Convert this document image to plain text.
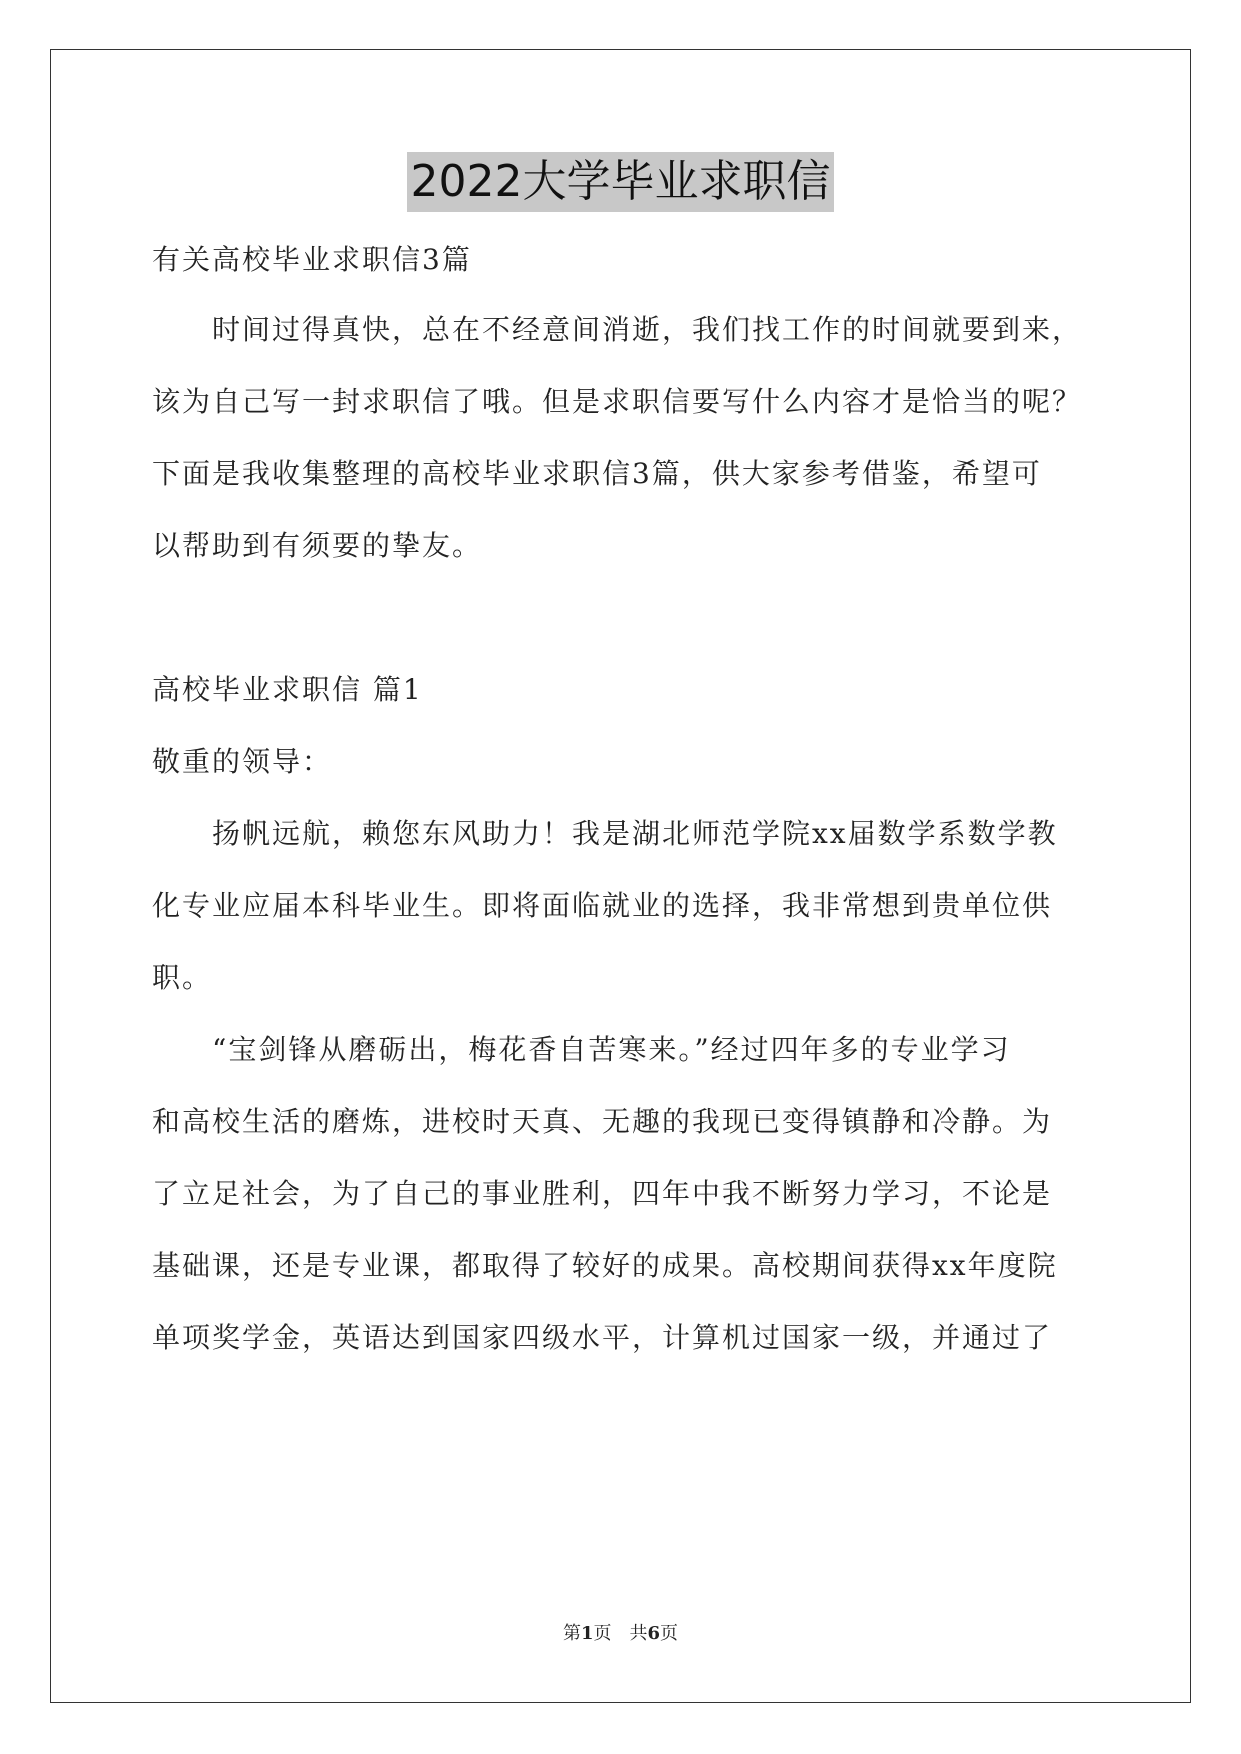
2022大学毕业求职信
有关高校毕业求职信3篇
　　时间过得真快，总在不经意间消逝，我们找工作的时间就要到来，
该为自己写一封求职信了哦。但是求职信要写什么内容才是恰当的呢？
下面是我收集整理的高校毕业求职信3篇，供大家参考借鉴，希望可
以帮助到有须要的挚友。
高校毕业求职信 篇1
敬重的领导：
　　扬帆远航，赖您东风助力！我是湖北师范学院xx届数学系数学教
化专业应届本科毕业生。即将面临就业的选择，我非常想到贵单位供
职。
　　“宝剑锋从磨砺出，梅花香自苦寒来。”经过四年多的专业学习
和高校生活的磨炼，进校时天真、无趣的我现已变得镇静和冷静。为
了立足社会，为了自己的事业胜利，四年中我不断努力学习，不论是
基础课，还是专业课，都取得了较好的成果。高校期间获得xx年度院
单项奖学金，英语达到国家四级水平，计算机过国家一级，并通过了
第1页　共6页
